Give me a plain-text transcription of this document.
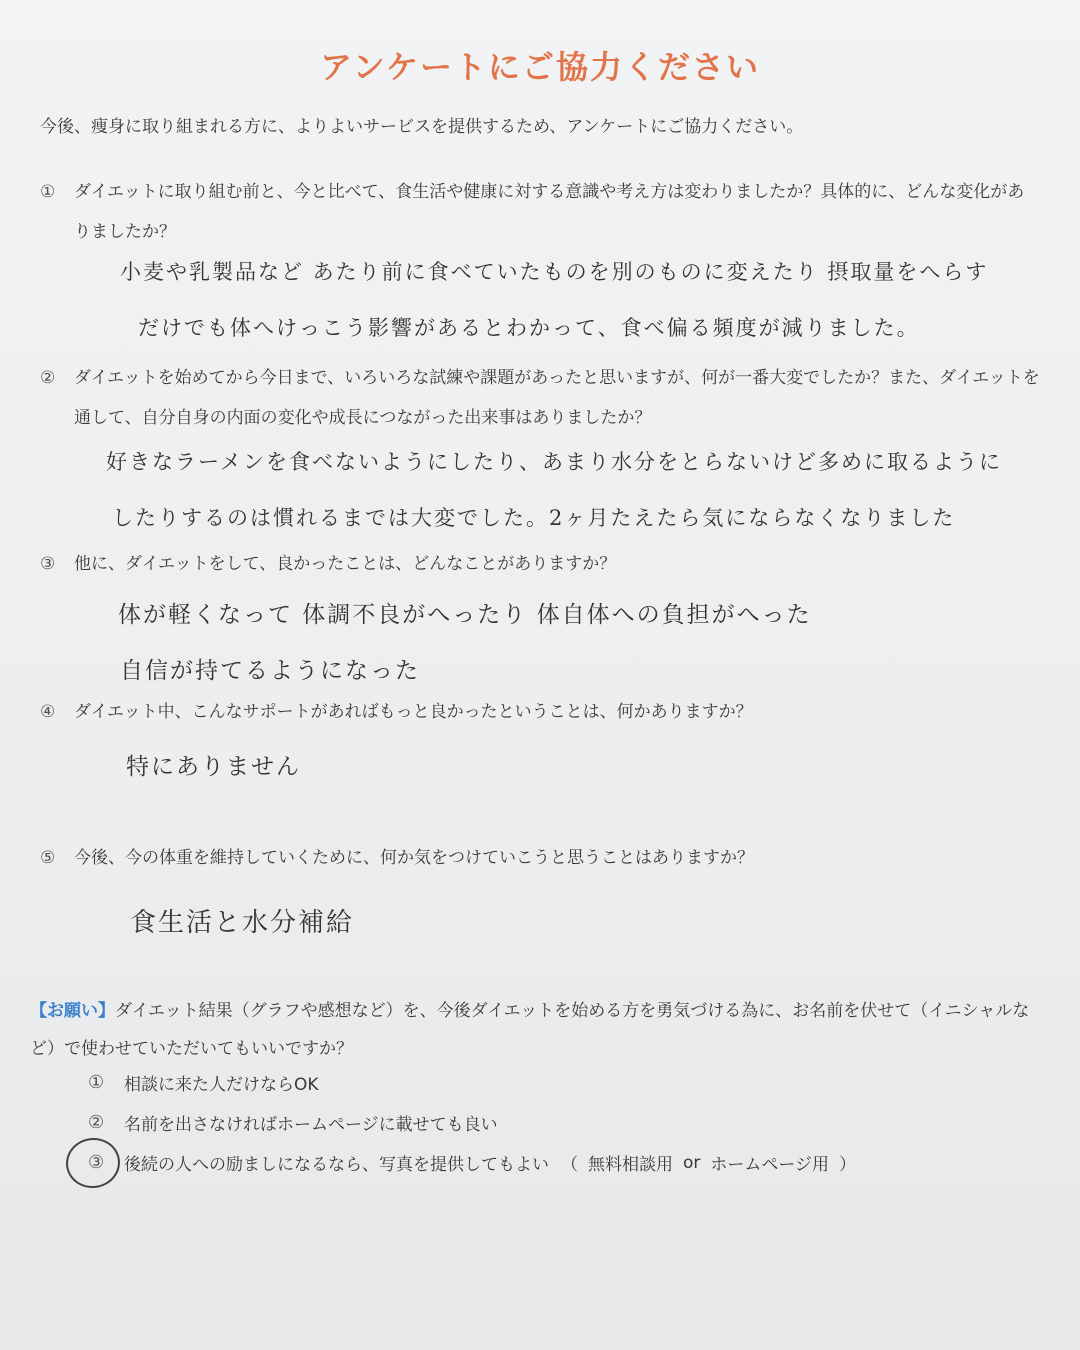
アンケートにご協力ください
今後、痩身に取り組まれる方に、よりよいサービスを提供するため、アンケートにご協力ください。
①	ダイエットに取り組む前と、今と比べて、食生活や健康に対する意識や考え方は変わりましたか？具体的に、どんな変化がありましたか？
小麦や乳製品など あたり前に食べていたものを別のものに変えたり 摂取量をへらす
だけでも体へけっこう影響があるとわかって、食べ偏る頻度が減りました。
②	ダイエットを始めてから今日まで、いろいろな試練や課題があったと思いますが、何が一番大変でしたか？また、ダイエットを通して、自分自身の内面の変化や成長につながった出来事はありましたか？
好きなラーメンを食べないようにしたり、あまり水分をとらないけど多めに取るように
したりするのは慣れるまでは大変でした。2ヶ月たえたら気にならなくなりました
③	他に、ダイエットをして、良かったことは、どんなことがありますか？
体が軽くなって 体調不良がへったり 体自体への負担がへった
自信が持てるようになった
④	ダイエット中、こんなサポートがあればもっと良かったということは、何かありますか？
特にありません
⑤	今後、今の体重を維持していくために、何か気をつけていこうと思うことはありますか？
食生活と水分補給
【お願い】ダイエット結果（グラフや感想など）を、今後ダイエットを始める方を勇気づける為に、お名前を伏せて（イニシャルなど）で使わせていただいてもいいですか？
①	相談に来た人だけならOK
②	名前を出さなければホームページに載せても良い
③	後続の人への励ましになるなら、写真を提供してもよい （ 無料相談用 or ホームページ用 ）
